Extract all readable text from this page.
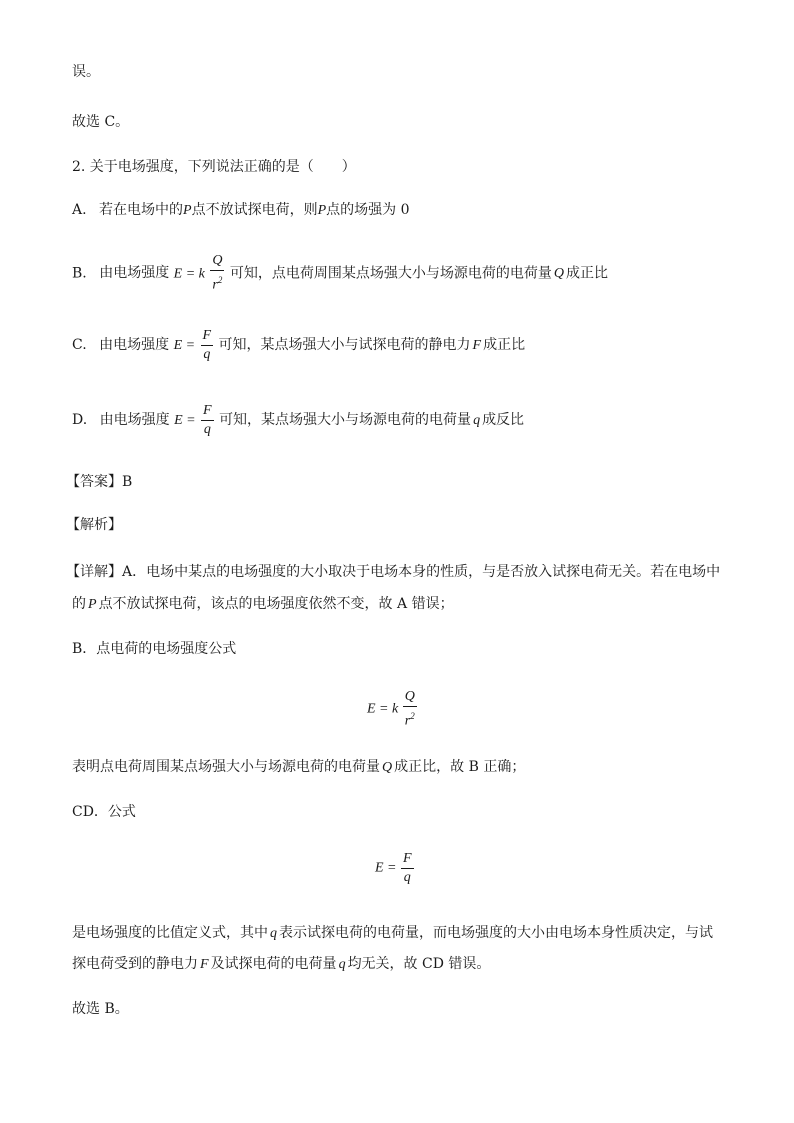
误。
故选 C。
2. 关于电场强度，下列说法正确的是（　　）
A. 若在电场中的P点不放试探电荷，则P点的场强为 0
B. 由电场强度 E = k $\frac{Q}{r^2}$ 可知，点电荷周围某点场强大小与场源电荷的电荷量 Q 成正比
C. 由电场强度 $E = \frac{F}{q}$ 可知，某点场强大小与试探电荷的静电力 F 成正比
D. 由电场强度 $E = \frac{F}{q}$ 可知，某点场强大小与场源电荷的电荷量 q 成反比
【答案】B
【解析】
【详解】A．电场中某点的电场强度的大小取决于电场本身的性质，与是否放入试探电荷无关。若在电场中
的 P 点不放试探电荷，该点的电场强度依然不变，故 A 错误；
B．点电荷的电场强度公式
E = k $\frac{Q}{r^2}$
表明点电荷周围某点场强大小与场源电荷的电荷量 Q 成正比，故 B 正确；
CD．公式
$E = \frac{F}{q}$
是电场强度的比值定义式，其中 q 表示试探电荷的电荷量，而电场强度的大小由电场本身性质决定，与试
探电荷受到的静电力 F 及试探电荷的电荷量 q 均无关，故 CD 错误。
故选 B。
